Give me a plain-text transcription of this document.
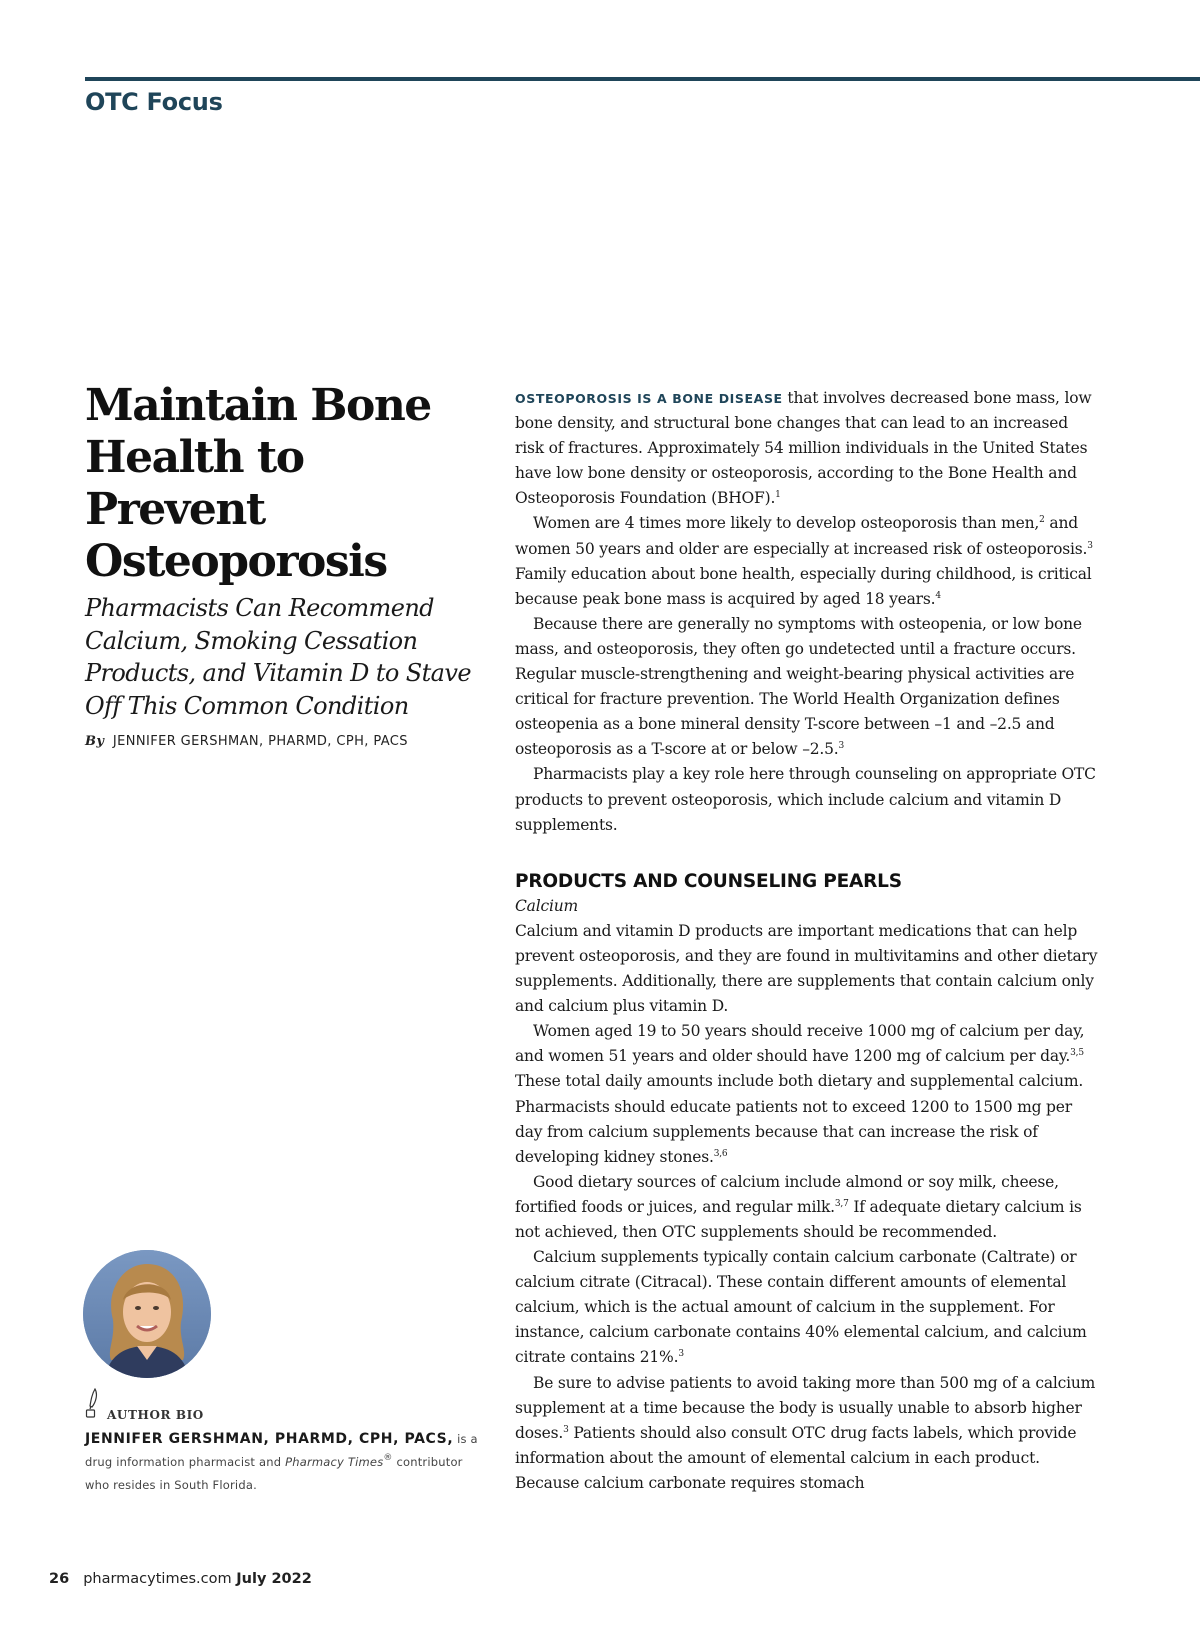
OTC Focus
Maintain Bone
Health to Prevent
Osteoporosis
Pharmacists Can Recommend
Calcium, Smoking Cessation
Products, and Vitamin D to Stave
Off This Common Condition
By JENNIFER GERSHMAN, PHARMD, CPH, PACS
AUTHOR BIO
JENNIFER GERSHMAN, PHARMD, CPH, PACS, is a drug information pharmacist and Pharmacy Times® contributor who resides in South Florida.

OSTEOPOROSIS IS A BONE DISEASE that involves decreased bone mass, low bone density, and structural bone changes that can lead to an increased risk of fractures. Approximately 54 million individuals in the United States have low bone density or osteoporosis, according to the Bone Health and Osteoporosis Foundation (BHOF).$^1$

Women are 4 times more likely to develop osteoporosis than men,$^2$ and women 50 years and older are especially at increased risk of osteoporosis.$^3$ Family education about bone health, especially during childhood, is critical because peak bone mass is acquired by aged 18 years.$^4$

Because there are generally no symptoms with osteopenia, or low bone mass, and osteoporosis, they often go undetected until a fracture occurs. Regular muscle-strengthening and weight-bearing physical activities are critical for fracture prevention. The World Health Organization defines osteopenia as a bone mineral density T-score between –1 and –2.5 and osteoporosis as a T-score at or below –2.5.$^3$

Pharmacists play a key role here through counseling on appropriate OTC products to prevent osteoporosis, which include calcium and vitamin D supplements.

PRODUCTS AND COUNSELING PEARLS

Calcium

Calcium and vitamin D products are important medications that can help prevent osteoporosis, and they are found in multivitamins and other dietary supplements. Additionally, there are supplements that contain calcium only and calcium plus vitamin D.

Women aged 19 to 50 years should receive 1000 mg of calcium per day, and women 51 years and older should have 1200 mg of calcium per day.$^{3,5}$ These total daily amounts include both dietary and supplemental calcium. Pharmacists should educate patients not to exceed 1200 to 1500 mg per day from calcium supplements because that can increase the risk of developing kidney stones.$^{3,6}$

Good dietary sources of calcium include almond or soy milk, cheese, fortified foods or juices, and regular milk.$^{3,7}$ If adequate dietary calcium is not achieved, then OTC supplements should be recommended.

Calcium supplements typically contain calcium carbonate (Caltrate) or calcium citrate (Citracal). These contain different amounts of elemental calcium, which is the actual amount of calcium in the supplement. For instance, calcium carbonate contains 40% elemental calcium, and calcium citrate contains 21%.$^3$

Be sure to advise patients to avoid taking more than 500 mg of a calcium supplement at a time because the body is usually unable to absorb higher doses.$^3$ Patients should also consult OTC drug facts labels, which provide information about the amount of elemental calcium in each product. Because calcium carbonate requires stomach

26 pharmacytimes.com July 2022
